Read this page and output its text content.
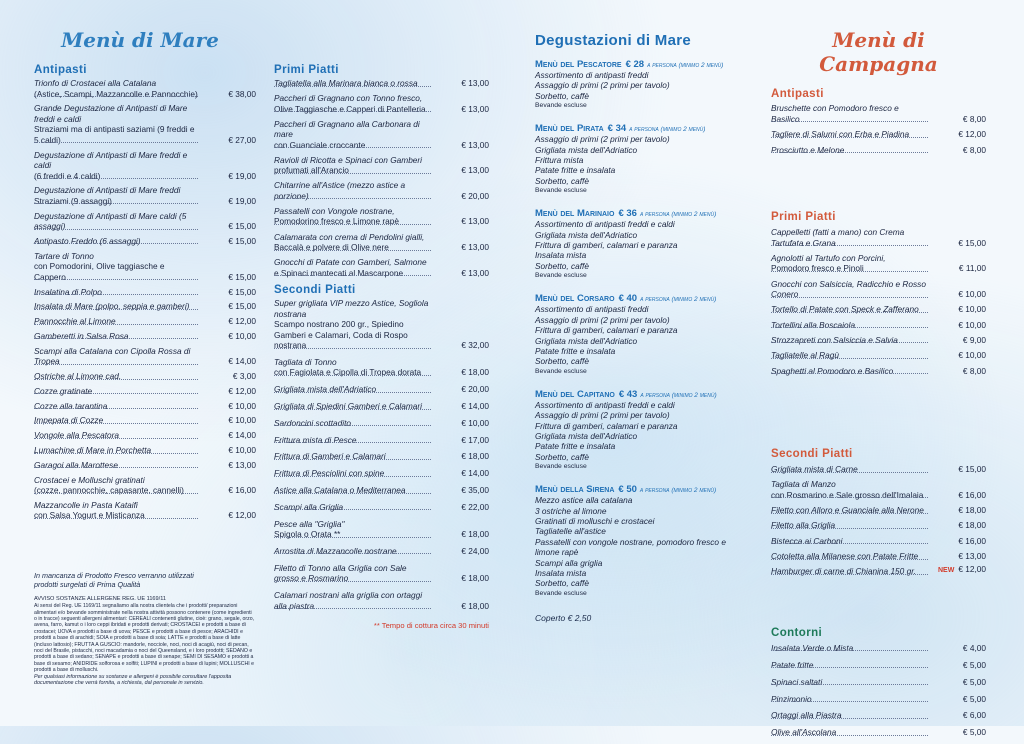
Menù di Mare
Antipasti
Trionfo di Crostacei alla Catalana
(Astice, Scampi, Mazzancolle e Pannocchie)	€ 38,00
Grande Degustazione di Antipasti di Mare freddi e caldi
Straziami ma di antipasti saziami (9 freddi e 5 caldi)	€ 27,00
Degustazione di Antipasti di Mare freddi e caldi
(6 freddi e 4 caldi)	€ 19,00
Degustazione di Antipasti di Mare freddi
Straziami (9 assaggi)	€ 19,00
Degustazione di Antipasti di Mare caldi (5 assaggi)	€ 15,00
Antipasto Freddo (6 assaggi)	€ 15,00
Tartare di Tonno
con Pomodorini, Olive taggiasche e Cappero	€ 15,00
Insalatina di Polpo	€ 15,00
Insalata di Mare (polpo, seppia e gamberi)	€ 15,00
Pannocchie al Limone	€ 12,00
Gamberetti in Salsa Rosa	€ 10,00
Scampi alla Catalana con Cipolla Rossa di Tropea	€ 14,00
Ostriche al Limone cad.	€ 3,00
Cozze gratinate	€ 12,00
Cozze alla tarantina	€ 10,00
Impepata di Cozze	€ 10,00
Vongole alla Pescatora	€ 14,00
Lumachine di Mare in Porchetta	€ 10,00
Garagoi alla Marottese	€ 13,00
Crostacei e Molluschi gratinati
(cozze, pannocchie, capasante, cannelli)	€ 16,00
Mazzancolle in Pasta Kataifi
con Salsa Yogurt e Misticanza	€ 12,00

In mancanza di Prodotto Fresco verranno utilizzati prodotti surgelati di Prima Qualità

AVVISO SOSTANZE ALLERGENE REG. UE 1169/11
Ai sensi del Reg. UE 1169/11 segnaliamo alla nostra clientela che i prodotti/ preparazioni alimentari e/o bevande somministrate nella nostra attività possono contenere (come ingredienti o in tracce) seguenti allergeni alimentari: CEREALI contenenti glutine, cioè: grano, segale, orzo, avena, farro, kamut o i loro ceppi ibridati e prodotti derivati; CROSTACEI e prodotti a base di crostacei; UOVA e prodotti a base di uova; PESCE e prodotti a base di pesce; ARACHIDI e prodotti a base di arachidi; SOIA e prodotti a base di soia; LATTE e prodotti a base di latte (incluso lattosio); FRUTTA A GUSCIO: mandorle, nocciole, noci, noci di acagiù, noci di pecan, noci del Brasile, pistacchi, noci macadamia o noci del Queensland, e i loro prodotti; SEDANO e prodotti a base di sedano; SENAPE e prodotti a base di senape; SEMI DI SESAMO e prodotti a base di sesamo; ANIDRIDE solforosa e solfiti; LUPINI e prodotti a base di lupini; MOLLUSCHI e prodotti a base di molluschi.
Per qualsiasi informazione su sostanze e allergeni è possibile consultare l'apposita documentazione che verrà fornita, a richiesta, dal personale in servizio.
Primi Piatti
Tagliatella alla Marinara bianca o rossa	€ 13,00
Paccheri di Gragnano con Tonno fresco,
Olive Taggiasche e Capperi di Pantelleria	€ 13,00
Paccheri di Gragnano alla Carbonara di mare
con Guanciale croccante	€ 13,00
Ravioli di Ricotta e Spinaci con Gamberi
profumati all'Arancio	€ 13,00
Chitarrine all'Astice (mezzo astice a porzione)	€ 20,00
Passatelli con Vongole nostrane,
Pomodorino fresco e Limone rapè	€ 13,00
Calamarata con crema di Pendolini gialli,
Baccalà e polvere di Olive nere	€ 13,00
Gnocchi di Patate con Gamberi, Salmone
e Spinaci mantecati al Mascarpone	€ 13,00
Secondi Piatti
Super grigliata VIP mezzo Astice, Sogliola nostrana
Scampo nostrano 200 gr., Spiedino Gamberi e Calamari, Coda di Rospo nostrana	€ 32,00
Tagliata di Tonno
con Fagiolata e Cipolla di Tropea dorata	€ 18,00
Grigliata mista dell'Adriatico	€ 20,00
Grigliata di Spiedini Gamberi e Calamari	€ 14,00
Sardoncini scottadito	€ 10,00
Frittura mista di Pesce	€ 17,00
Frittura di Gamberi e Calamari	€ 18,00
Frittura di Pesciolini con spine	€ 14,00
Astice alla Catalana o Mediterranea	€ 35,00
Scampi alla Griglia	€ 22,00
Pesce alla "Griglia"
Spigola o Orata **	€ 18,00
Arrostita di Mazzancolle nostrane	€ 24,00
Filetto di Tonno alla Griglia con Sale grosso e Rosmarino	€ 18,00
Calamari nostrani alla griglia con ortaggi alla piastra	€ 18,00
** Tempo di cottura circa 30 minuti
Degustazioni di Mare

Menù del Pescatore € 28 a persona (minimo 2 menù)

Assortimento di antipasti freddi

Assaggio di primi (2 primi per tavolo)

Sorbetto, caffè

Bevande escluse

Menù del Pirata € 34 a persona (minimo 2 menù)

Assaggio di primi (2 primi per tavolo)

Grigliata mista dell'Adriatico

Frittura mista

Patate fritte e insalata

Sorbetto, caffè

Bevande escluse

Menù del Marinaio € 36 a persona (minimo 2 menù)

Assortimento di antipasti freddi e caldi

Grigliata mista dell'Adriatico

Frittura di gamberi, calamari e paranza

Insalata mista

Sorbetto, caffè

Bevande escluse

Menù del Corsaro € 40 a persona (minimo 2 menù)

Assortimento di antipasti freddi

Assaggio di primi (2 primi per tavolo)

Frittura di gamberi, calamari e paranza

Grigliata mista dell'Adriatico

Patate fritte e insalata

Sorbetto, caffè

Bevande escluse

Menù del Capitano € 43 a persona (minimo 2 menù)

Assortimento di antipasti freddi e caldi

Assaggio di primi (2 primi per tavolo)

Frittura di gamberi, calamari e paranza

Grigliata mista dell'Adriatico

Patate fritte e insalata

Sorbetto, caffè

Bevande escluse

Menù della Sirena € 50 a persona (minimo 2 menù)

Mezzo astice alla catalana

3 ostriche al limone

Gratinati di molluschi e crostacei

Tagliatelle all'astice

Passatelli con vongole nostrane, pomodoro fresco e limone rapè

Scampi alla griglia

Insalata mista

Sorbetto, caffè

Bevande escluse

Coperto € 2,50
Menù di Campagna
Antipasti
Bruschette con Pomodoro fresco e Basilico	€ 8,00
Tagliere di Salumi con Erba e Piadina	€ 12,00
Prosciutto e Melone	€ 8,00
Primi Piatti
Cappelletti (fatti a mano) con Crema Tartufata e Grana	€ 15,00
Agnolotti al Tartufo con Porcini,
Pomodoro fresco e Pinoli	€ 11,00
Gnocchi con Salsiccia, Radicchio e Rosso Conero	€ 10,00
Tortello di Patate con Speck e Zafferano	€ 10,00
Tortellini alla Boscaiola	€ 10,00
Strozzapreti con Salsiccia e Salvia	€ 9,00
Tagliatelle al Ragù	€ 10,00
Spaghetti al Pomodoro e Basilico	€ 8,00
Secondi Piatti
Grigliata mista di Carne	€ 15,00
Tagliata di Manzo
con Rosmarino e Sale grosso dell'Imalaia	€ 16,00
Filetto con Alloro e Guanciale alla Nerone	€ 18,00
Filetto alla Griglia	€ 18,00
Bistecca ai Carboni	€ 16,00
Cotoletta alla Milanese con Patate Fritte	€ 13,00
Hamburger di carne di Chianina 150 gr.	NEW € 12,00
Contorni
Insalata Verde o Mista	€ 4,00
Patate fritte	€ 5,00
Spinaci saltati	€ 5,00
Pinzimonio	€ 5,00
Ortaggi alla Piastra	€ 6,00
Olive all'Ascolana	€ 5,00
